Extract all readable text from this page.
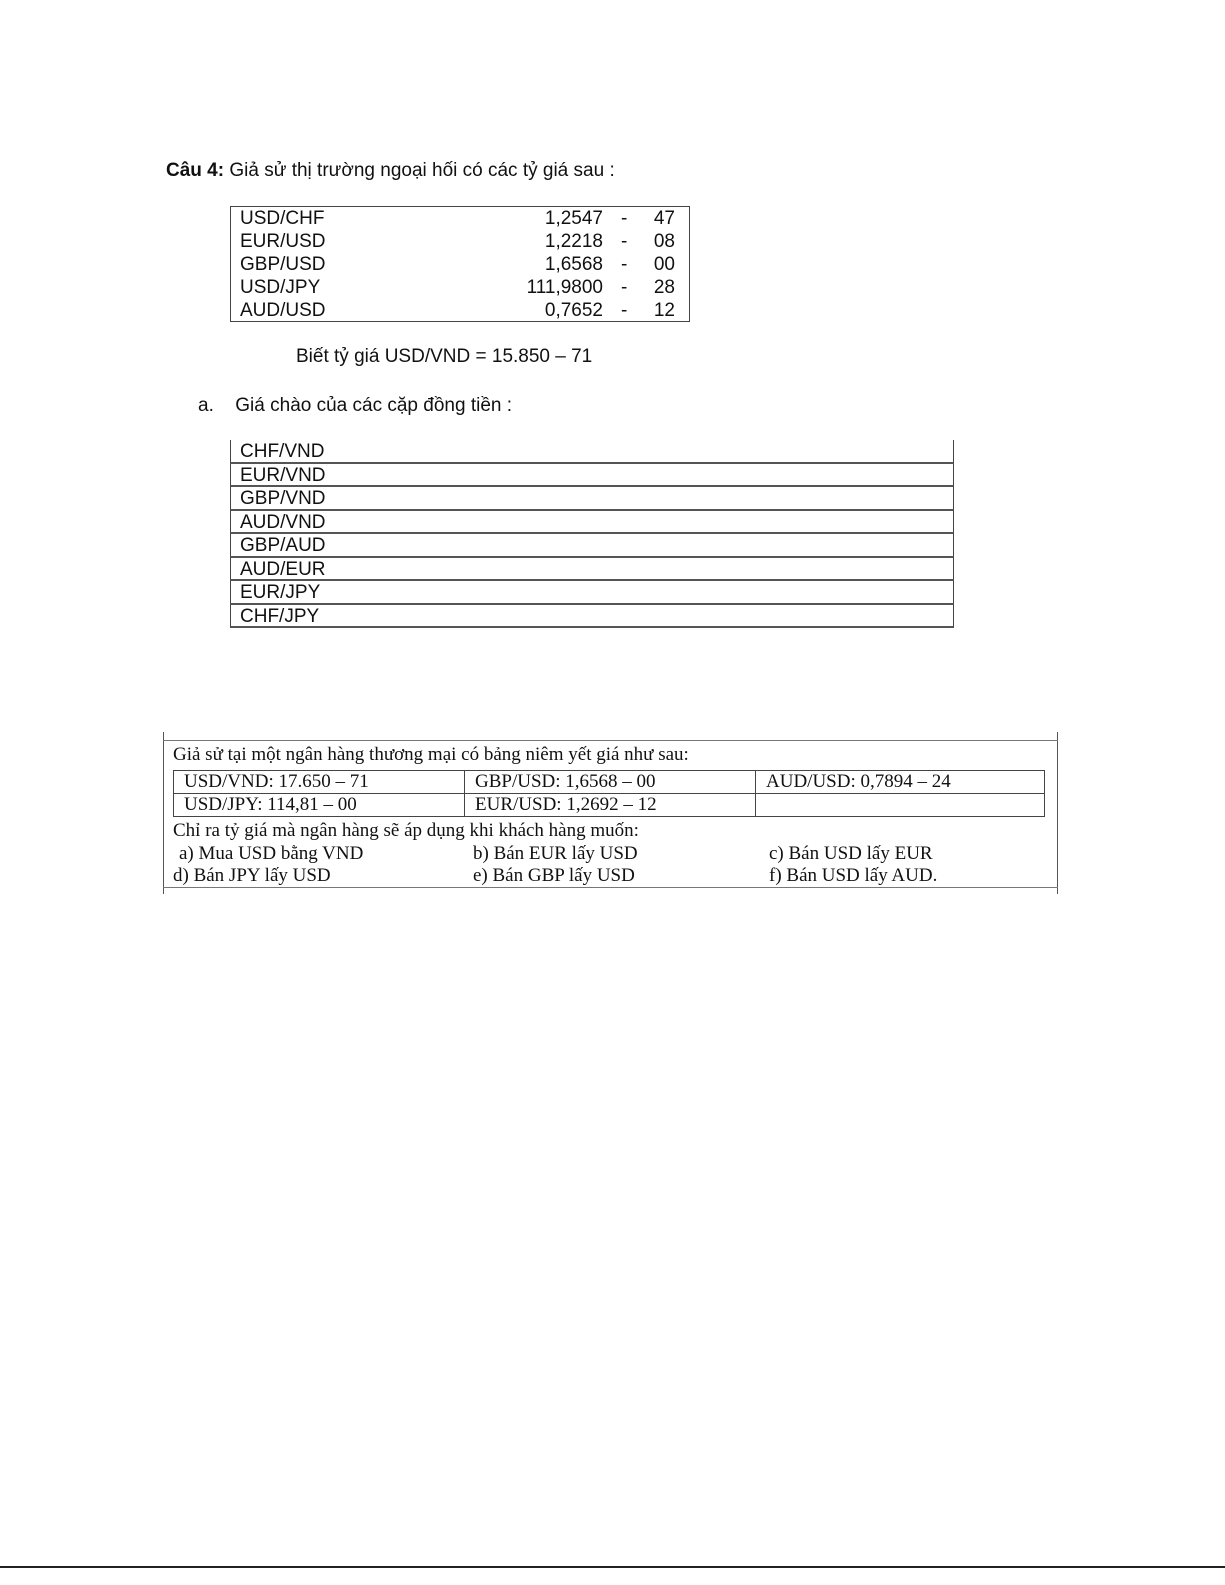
Câu 4: Giả sử thị trường ngoại hối có các tỷ giá sau :
USD/CHF	1,2547 - 47
EUR/USD	1,2218 - 08
GBP/USD	1,6568 - 00
USD/JPY	111,9800 - 28
AUD/USD	0,7652 - 12
Biết tỷ giá USD/VND = 15.850 – 71
a. Giá chào của các cặp đồng tiền :
CHF/VND
EUR/VND
GBP/VND
AUD/VND
GBP/AUD
AUD/EUR
EUR/JPY
CHF/JPY
Giả sử tại một ngân hàng thương mại có bảng niêm yết giá như sau:
USD/VND: 17.650 – 71	GBP/USD: 1,6568 – 00	AUD/USD: 0,7894 – 24
USD/JPY: 114,81 – 00	EUR/USD: 1,2692 – 12	
Chỉ ra tỷ giá mà ngân hàng sẽ áp dụng khi khách hàng muốn:
a) Mua USD bằng VND	b) Bán EUR lấy USD	c) Bán USD lấy EUR
d) Bán JPY lấy USD	e) Bán GBP lấy USD	f) Bán USD lấy AUD.
